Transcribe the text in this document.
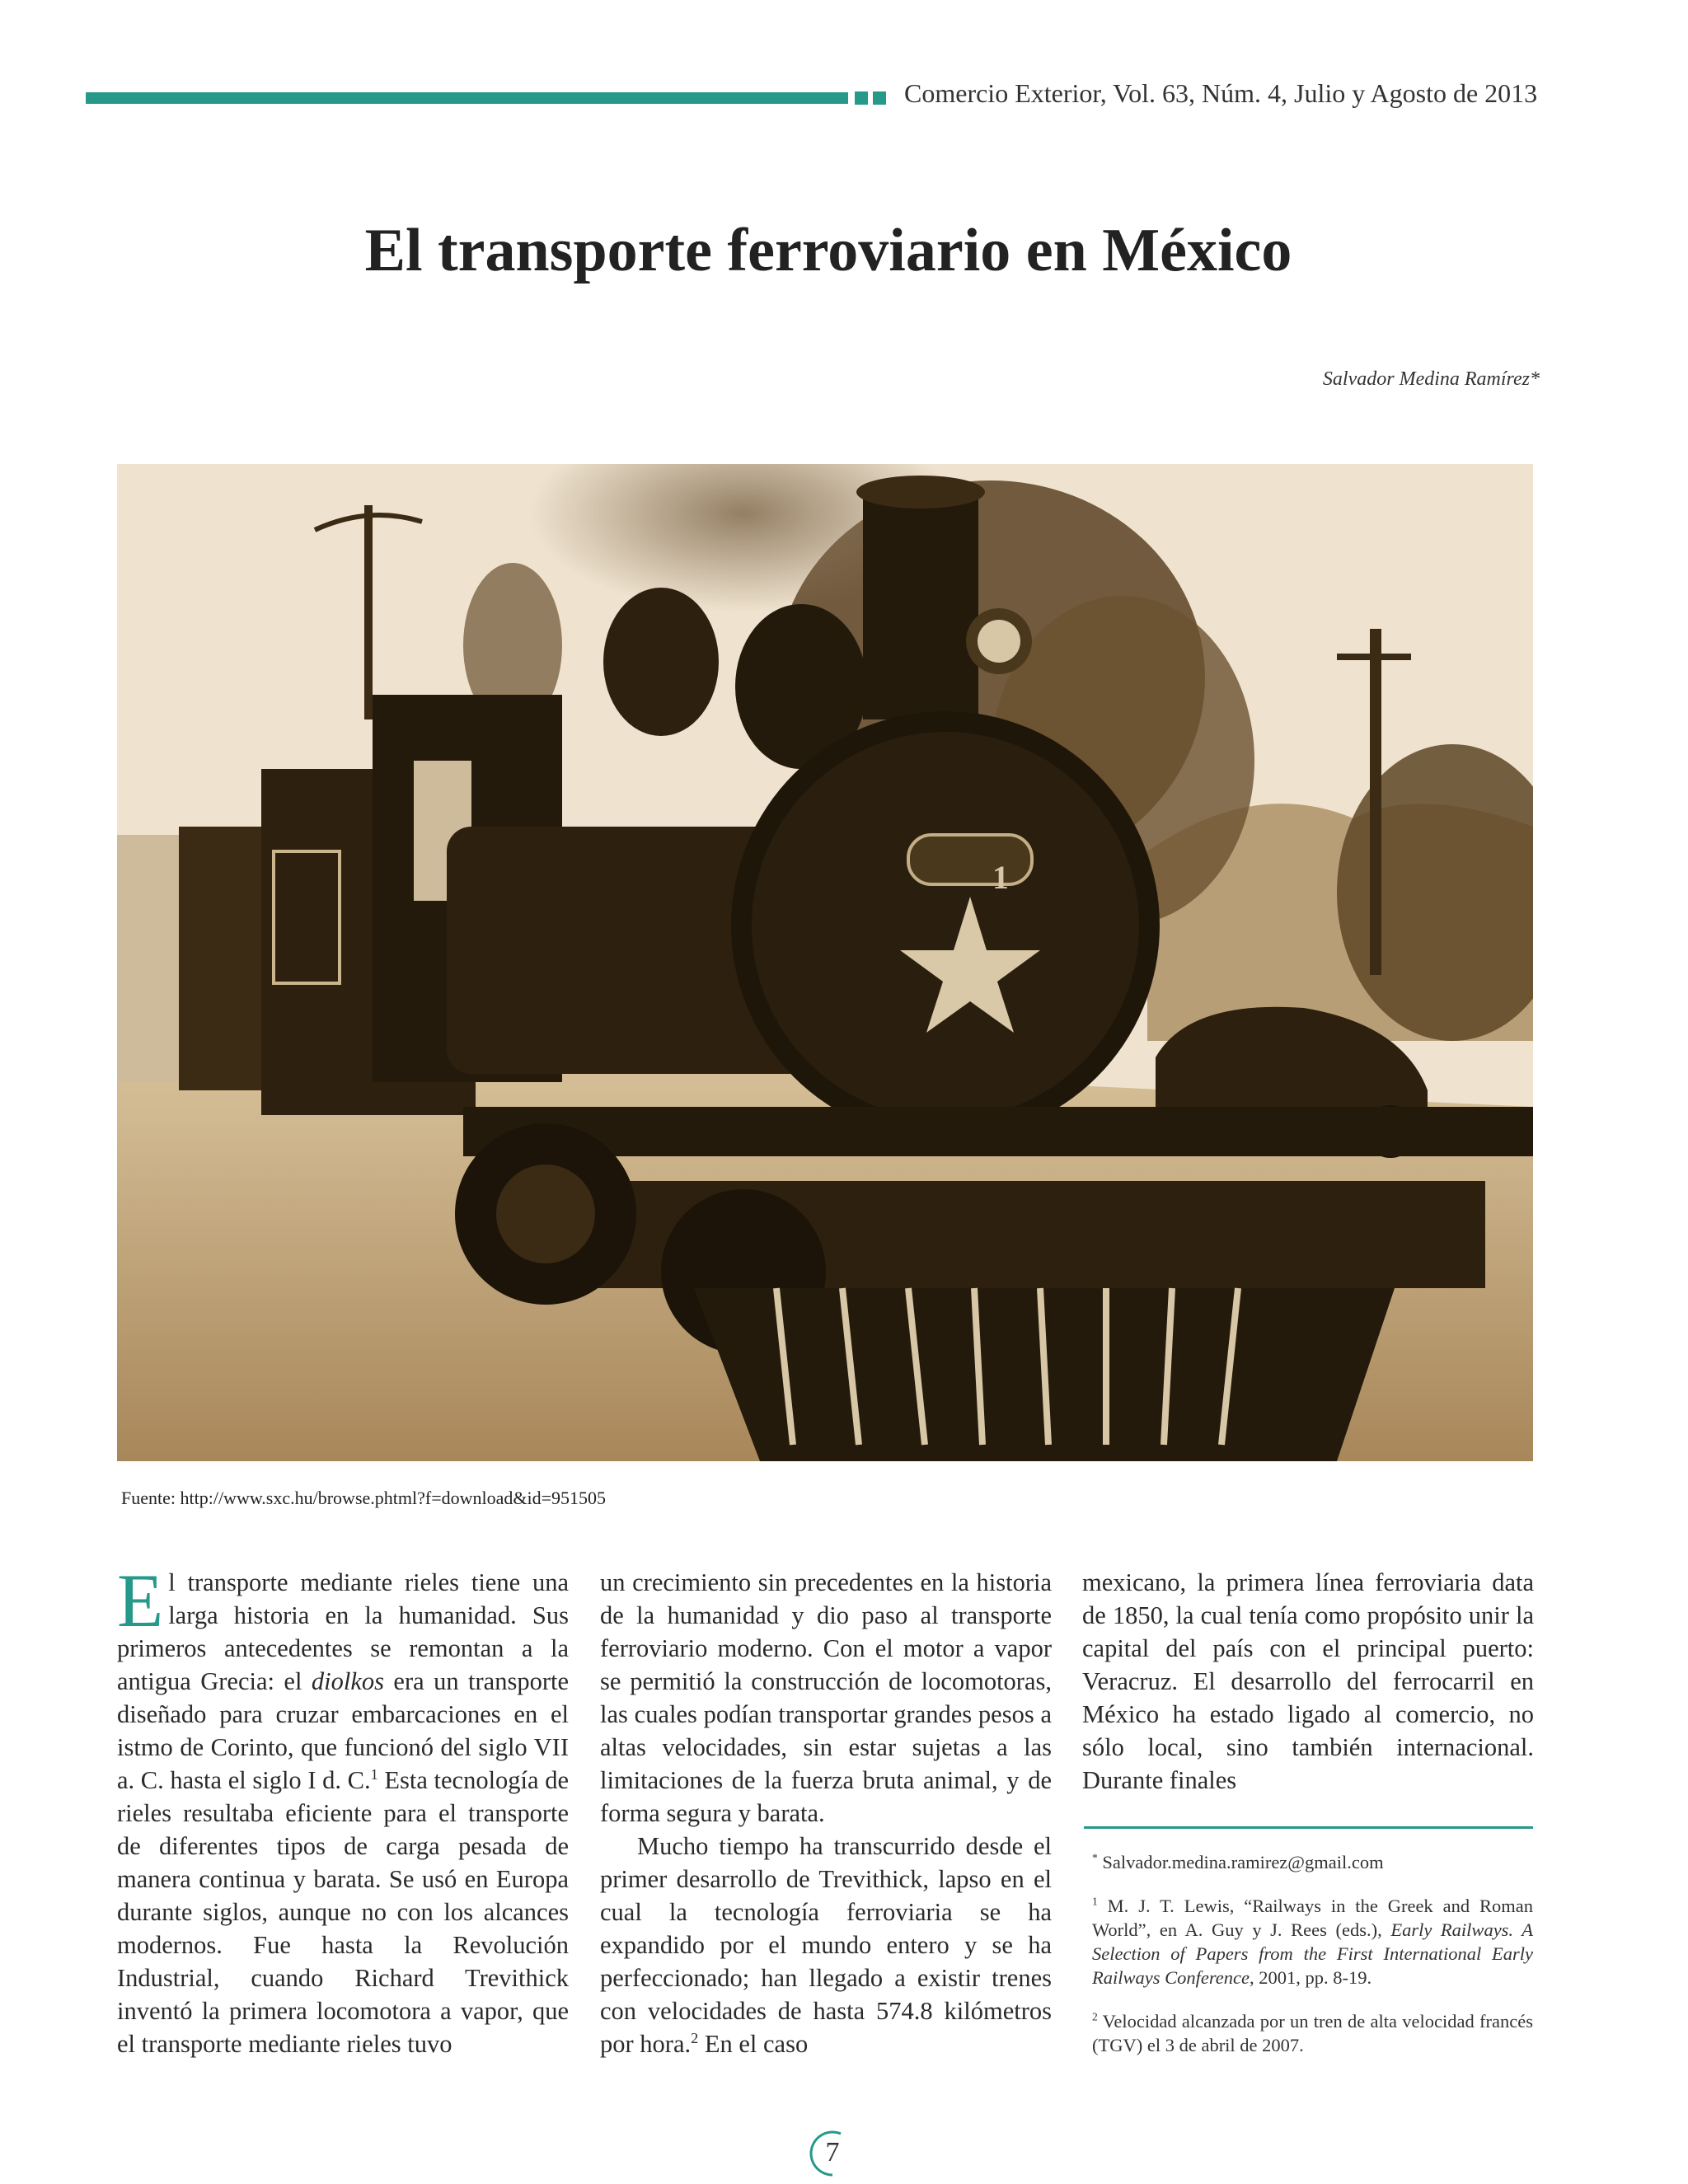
Comercio Exterior, Vol. 63, Núm. 4, Julio y Agosto de 2013
El transporte ferroviario en México
Salvador Medina Ramírez*
1
Fuente: http://www.sxc.hu/browse.phtml?f=download&id=951505

El transporte mediante rieles tiene una larga historia en la humanidad. Sus primeros antecedentes se remontan a la antigua Grecia: el diolkos era un transporte diseñado para cruzar embarcaciones en el istmo de Corinto, que funcionó del siglo VII a. C. hasta el siglo I d. C.$^1$ Esta tecnología de rieles resultaba eficiente para el transporte de diferentes tipos de carga pesada de manera continua y barata. Se usó en Europa durante siglos, aunque no con los alcances modernos. Fue hasta la Revolución Industrial, cuando Richard Trevithick inventó la primera locomotora a vapor, que el transporte mediante rieles tuvo

un crecimiento sin precedentes en la historia de la humanidad y dio paso al transporte ferroviario moderno. Con el motor a vapor se permitió la construcción de locomotoras, las cuales podían transportar grandes pesos a altas velocidades, sin estar sujetas a las limitaciones de la fuerza bruta animal, y de forma segura y barata.

Mucho tiempo ha transcurrido desde el primer desarrollo de Trevithick, lapso en el cual la tecnología ferroviaria se ha expandido por el mundo entero y se ha perfeccionado; han llegado a existir trenes con velocidades de hasta 574.8 kilómetros por hora.$^2$ En el caso

mexicano, la primera línea ferroviaria data de 1850, la cual tenía como propósito unir la capital del país con el principal puerto: Veracruz. El desarrollo del ferrocarril en México ha estado ligado al comercio, no sólo local, sino también internacional. Durante finales

* Salvador.medina.ramirez@gmail.com

$^1$ M. J. T. Lewis, “Railways in the Greek and Roman World”, en A. Guy y J. Rees (eds.), Early Railways. A Selection of Papers from the First International Early Railways Conference, 2001, pp. 8-19.

$^2$ Velocidad alcanzada por un tren de alta velocidad francés (TGV) el 3 de abril de 2007.

7
